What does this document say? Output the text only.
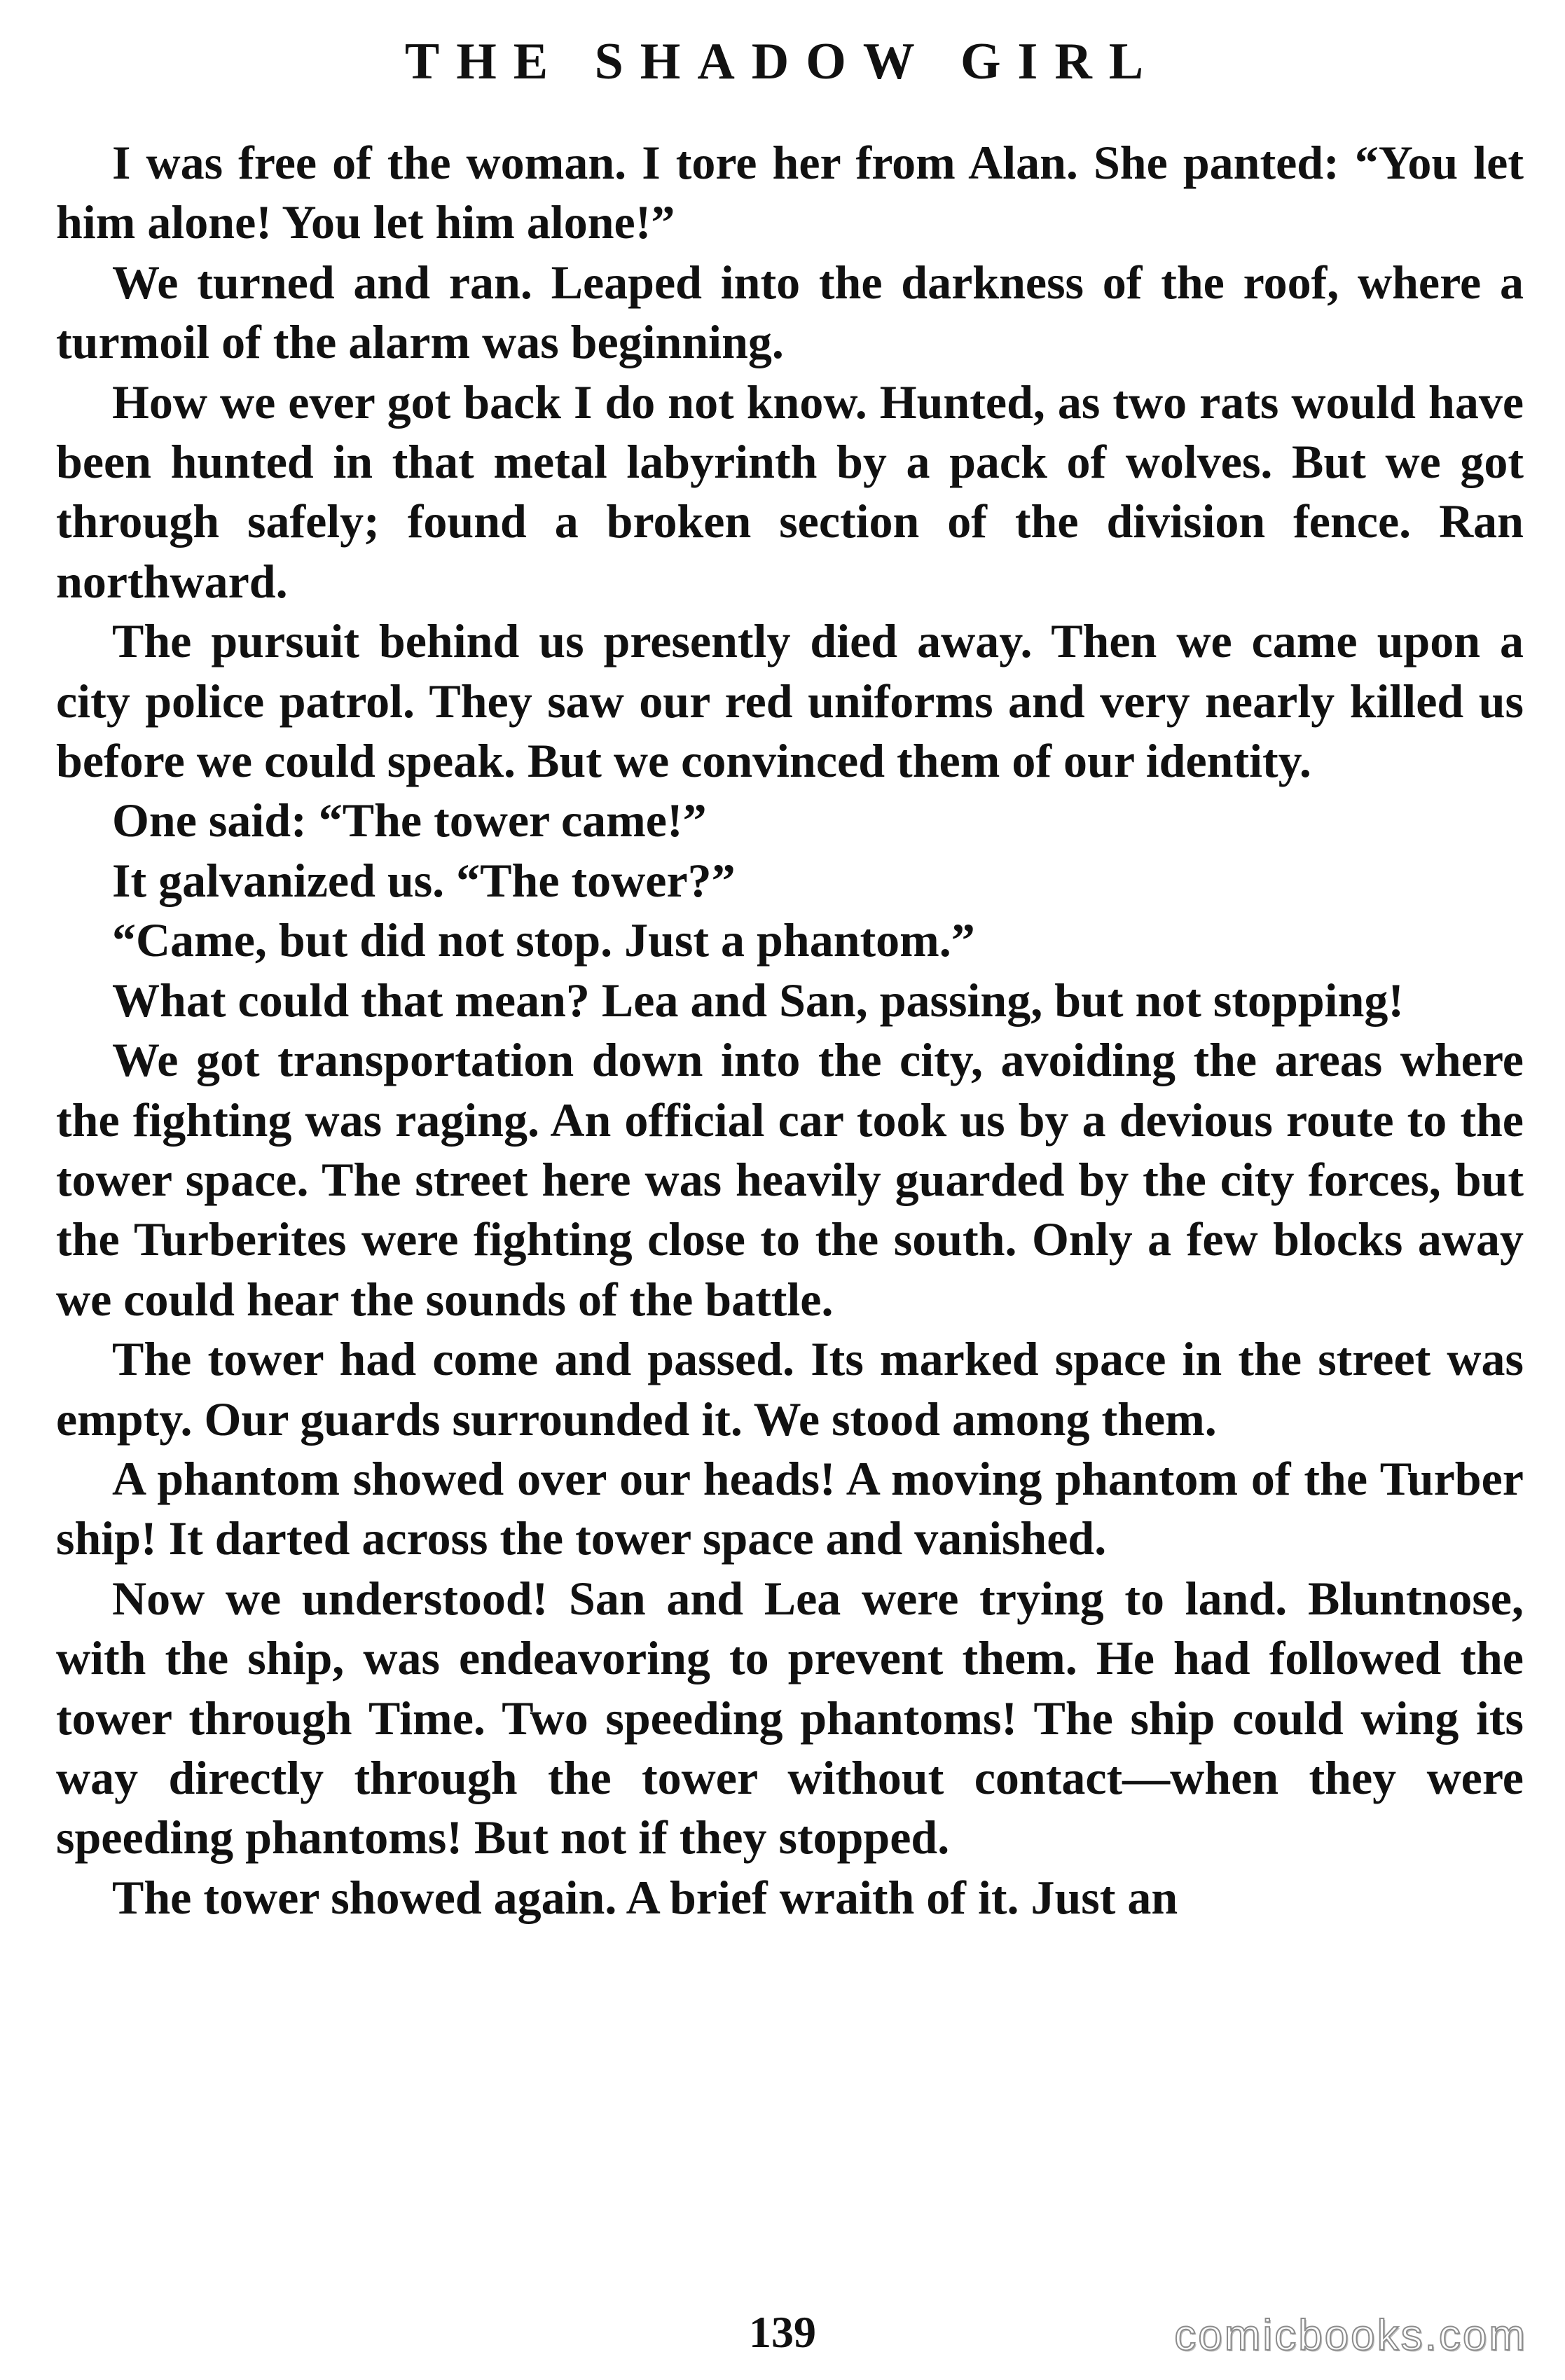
THE SHADOW GIRL

I was free of the woman. I tore her from Alan. She panted: “You let him alone! You let him alone!”

We turned and ran. Leaped into the darkness of the roof, where a turmoil of the alarm was beginning.

How we ever got back I do not know. Hunted, as two rats would have been hunted in that metal labyrinth by a pack of wolves. But we got through safely; found a broken section of the division fence. Ran northward.

The pursuit behind us presently died away. Then we came upon a city police patrol. They saw our red uniforms and very nearly killed us before we could speak. But we convinced them of our identity.

One said: “The tower came!”

It galvanized us. “The tower?”

“Came, but did not stop. Just a phantom.”

What could that mean? Lea and San, passing, but not stopping!

We got transportation down into the city, avoiding the areas where the fighting was raging. An official car took us by a devious route to the tower space. The street here was heavily guarded by the city forces, but the Turberites were fighting close to the south. Only a few blocks away we could hear the sounds of the battle.

The tower had come and passed. Its marked space in the street was empty. Our guards surrounded it. We stood among them.

A phantom showed over our heads! A moving phantom of the Turber ship! It darted across the tower space and vanished.

Now we understood! San and Lea were trying to land. Bluntnose, with the ship, was endeavoring to prevent them. He had followed the tower through Time. Two speeding phantoms! The ship could wing its way directly through the tower without contact—when they were speeding phantoms! But not if they stopped.

The tower showed again. A brief wraith of it. Just an

139	comicbooks.com
